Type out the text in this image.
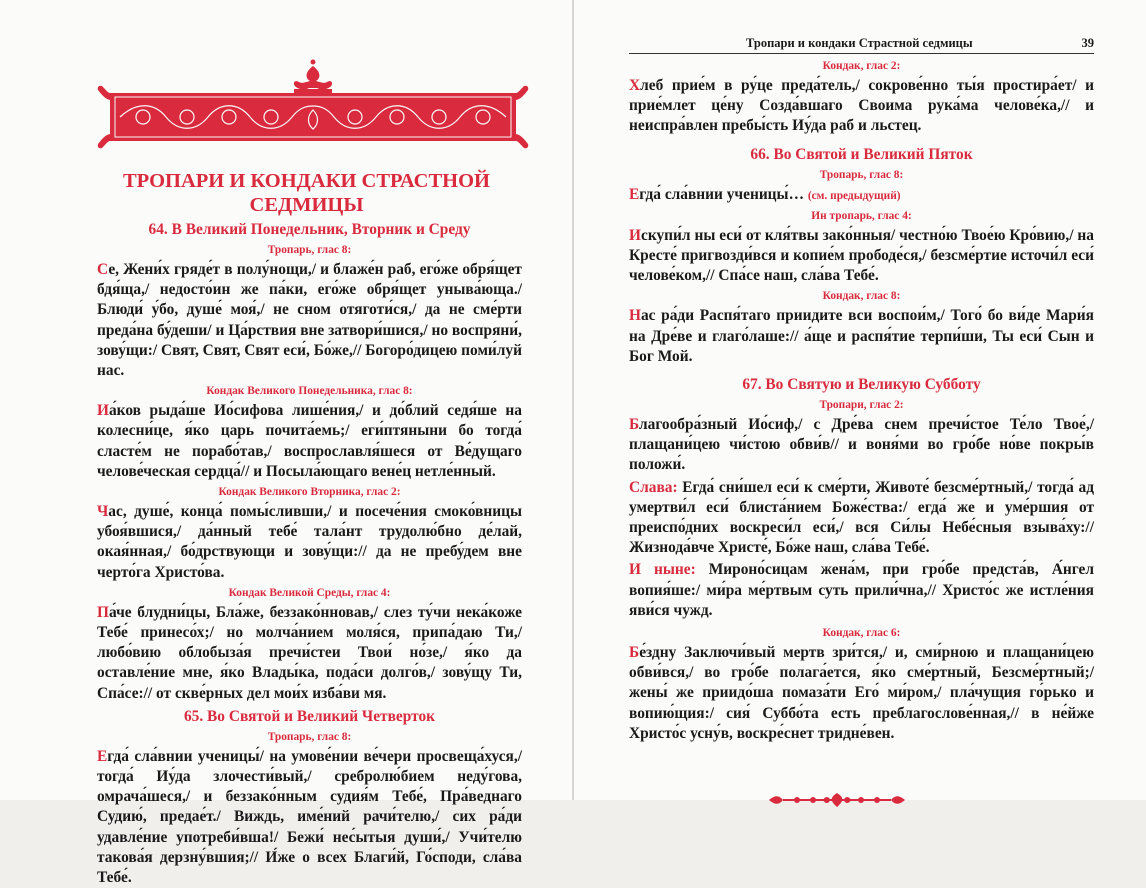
ТРОПАРИ И КОНДАКИ СТРАСТНОЙ СЕДМИЦЫ
64. В Великий Понедельник, Вторник и Среду
Тропарь, глас 8:

Се, Жени́х гряде́т в полу́нощи,/ и блаже́н раб, его́же обря́щет бдя́ща,/ недосто́ин же па́ки, его́же обря́щет уныва́юща./ Блюди́ у́бо, душе́ моя́,/ не сном отяготи́ся,/ да не сме́рти преда́на бу́деши/ и Ца́рствия вне затвори́шися,/ но воспряни́, зову́щи:/ Свят, Свят, Свят еси́, Бо́же,// Богоро́дицею поми́луй нас.

Кондак Великого Понедельника, глас 8:

Иа́ков рыда́ше Ио́сифова лише́ния,/ и до́блий седя́ше на колесни́це, я́ко царь почита́емь;/ еги́птяныни бо тогда́ сласте́м не порабо́тав,/ воспрославля́шеся от Ве́дущаго челове́ческая сердца́// и Посыла́ющаго вене́ц нетле́нный.

Кондак Великого Вторника, глас 2:

Час, душе́, конца́ помы́сливши,/ и посече́ния смоко́вницы убоя́вшися,/ да́нный тебе́ тала́нт трудолю́бно де́лай, окая́нная,/ бо́дрствующи и зову́щи:// да не пребу́дем вне черто́га Христо́ва.

Кондак Великой Среды, глас 4:

Па́че блудни́цы, Бла́же, беззако́нновав,/ слез ту́чи нека́коже Тебе́ принесо́х;/ но молча́нием моля́ся, припа́даю Ти,/ любо́вию облобыза́я пречи́стеи Твои́ но́зе,/ я́ко да оставле́ние мне, я́ко Влады́ка, пода́си долго́в,/ зову́щу Ти, Спа́се:// от скве́рных дел мои́х изба́ви мя.

65. Во Святой и Великий Четверток
Тропарь, глас 8:

Егда́ сла́внии ученицы́/ на умове́нии ве́чери просвеща́хуся,/ тогда́ Иу́да злочести́вый,/ сребролю́бием неду́гова, омрача́шеся,/ и беззако́нным судия́м Тебе́, Пра́веднаго Судию́, предае́т./ Виждь, име́ний рачи́телю,/ сих ра́ди удавле́ние употреби́вша!/ Бежи́ нес́ытыя души́,/ Учи́телю такова́я дерзну́вшия;// И́же о всех Благи́й, Го́споди, сла́ва Тебе́.

Тропари и кондаки Страстной седмицы	39
Кондак, глас 2:

Хлеб прие́м в ру́це преда́тель,/ сокрове́нно ты́я простира́ет/ и прие́млет це́ну Созда́вшаго Своима рука́ма челове́ка,// и неиспра́влен пребы́сть Иу́да раб и льстец.

66. Во Святой и Великий Пяток
Тропарь, глас 8:

Егда́ сла́внии ученицы́… (см. предыдущий)

Ин тропарь, глас 4:

Искупи́л ны еси́ от кля́твы зако́нныя/ честно́ю Твое́ю Кро́вию,/ на Кресте́ пригвозди́вся и копие́м прободе́ся,/ безсме́ртие источи́л еси́ челове́ком,// Спа́се наш, сла́ва Тебе́.

Кондак, глас 8:

Нас ра́ди Распя́таго приидите вси воспои́м,/ Того́ бо ви́де Мари́я на Дре́ве и глаго́лаше:// а́ще и распя́тие терпи́ши, Ты еси́ Сын и Бог Мой.

67. Во Святую и Великую Субботу
Тропари, глас 2:

Благообра́зный Ио́сиф,/ с Дре́ва снем пречи́стое Те́ло Твое́,/ плащани́цею чи́стою обви́в// и воня́ми во гро́бе но́ве покры́в положи́.

Слава: Егда́ сни́шел еси́ к сме́рти, Животе́ безсме́ртный,/ тогда́ ад умертви́л еси́ блиста́нием Боже́ства:/ егда́ же и уме́ршия от преиспо́дних воскреси́л еси́,/ вся Си́лы Небе́сныя взыва́ху:// Жизнода́вче Христе́, Бо́же наш, сла́ва Тебе́.

И ныне: Мироно́сицам жена́м, при гро́бе предста́в, А́нгел вопия́ше:/ ми́ра ме́ртвым суть прили́чна,// Христо́с же истле́ния яви́ся чужд.

Кондак, глас 6:

Бе́здну Заключи́вый мертв зри́тся,/ и, сми́рною и плащани́цею обви́вся,/ во гро́бе полага́ется, я́ко сме́ртный, Безсме́ртный;/ жены́ же приидо́ша помаза́ти Его́ ми́ром,/ пла́чущия го́рько и вопию́щия:/ сия́ Суббо́та есть преблагослове́нная,// в не́йже Христо́с усну́в, воскре́снет тридне́вен.
